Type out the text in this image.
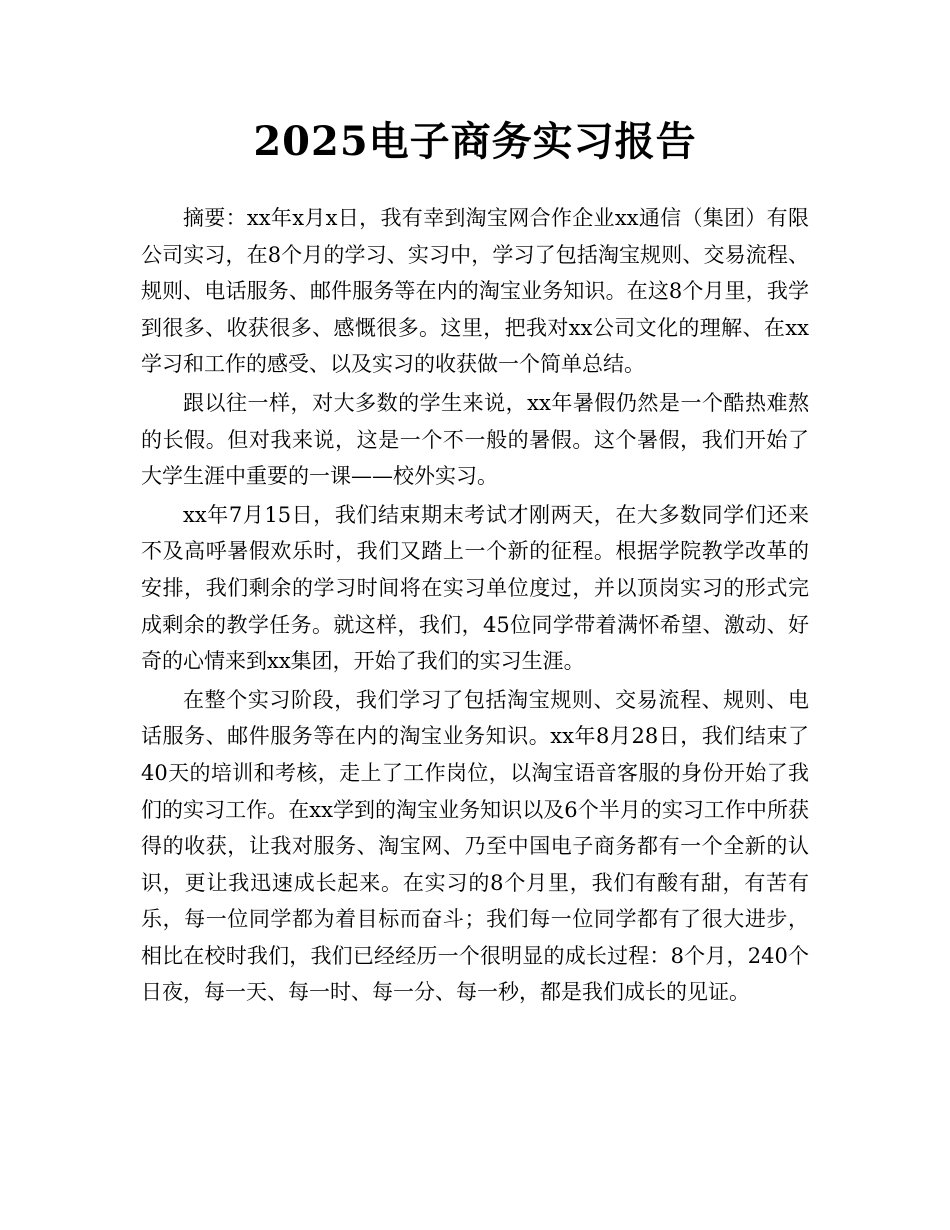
2025电子商务实习报告

摘要：xx年x月x日，我有幸到淘宝网合作企业xx通信（集团）有限公司实习，在8个月的学习、实习中，学习了包括淘宝规则、交易流程、规则、电话服务、邮件服务等在内的淘宝业务知识。在这8个月里，我学到很多、收获很多、感慨很多。这里，把我对xx公司文化的理解、在xx学习和工作的感受、以及实习的收获做一个简单总结。

跟以往一样，对大多数的学生来说，xx年暑假仍然是一个酷热难熬的长假。但对我来说，这是一个不一般的暑假。这个暑假，我们开始了大学生涯中重要的一课——校外实习。

xx年7月15日，我们结束期末考试才刚两天，在大多数同学们还来不及高呼暑假欢乐时，我们又踏上一个新的征程。根据学院教学改革的安排，我们剩余的学习时间将在实习单位度过，并以顶岗实习的形式完成剩余的教学任务。就这样，我们，45位同学带着满怀希望、激动、好奇的心情来到xx集团，开始了我们的实习生涯。

在整个实习阶段，我们学习了包括淘宝规则、交易流程、规则、电话服务、邮件服务等在内的淘宝业务知识。xx年8月28日，我们结束了40天的培训和考核，走上了工作岗位，以淘宝语音客服的身份开始了我们的实习工作。在xx学到的淘宝业务知识以及6个半月的实习工作中所获得的收获，让我对服务、淘宝网、乃至中国电子商务都有一个全新的认识，更让我迅速成长起来。在实习的8个月里，我们有酸有甜，有苦有乐，每一位同学都为着目标而奋斗；我们每一位同学都有了很大进步，相比在校时我们，我们已经经历一个很明显的成长过程：8个月，240个日夜，每一天、每一时、每一分、每一秒，都是我们成长的见证。
